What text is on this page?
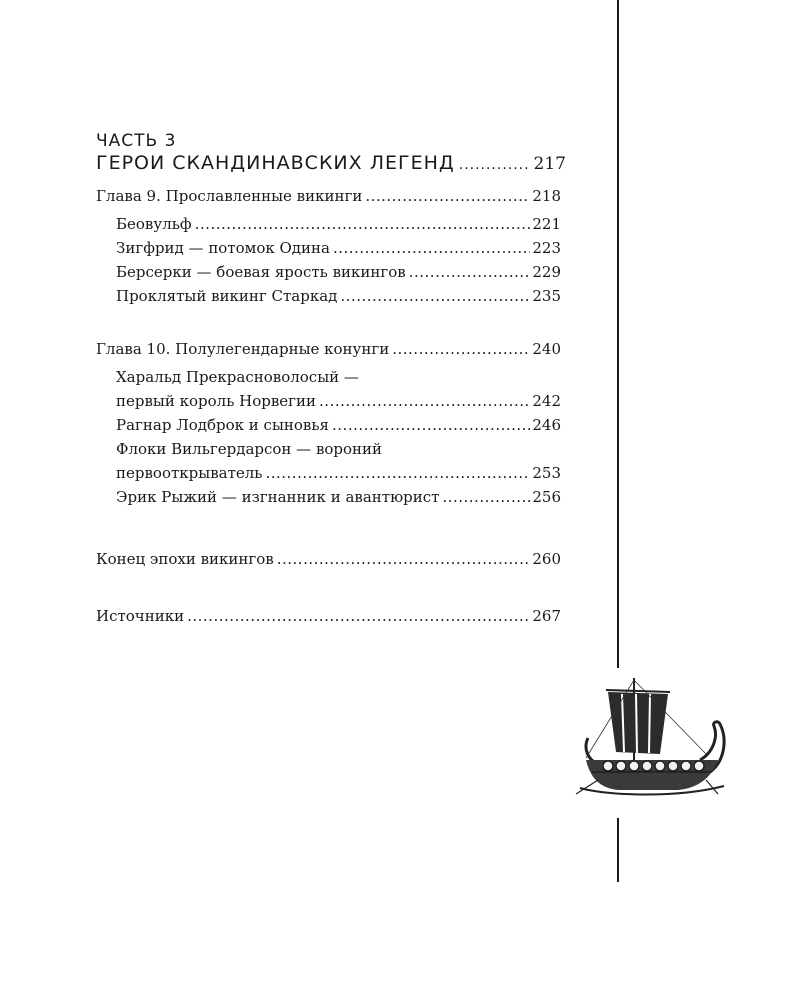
ЧАСТЬ 3
ГЕРОИ СКАНДИНАВСКИХ ЛЕГЕНД .....	217
Глава 9. Прославленные викинги .....	218
Беовульф .....	221
Зигфрид — потомок Одина .....	223
Берсерки — боевая ярость викингов .....	229
Проклятый викинг Старкад .....	235
Глава 10. Полулегендарные конунги .....	240
Харальд Прекрасноволосый —
первый король Норвегии .....	242
Рагнар Лодброк и сыновья .....	246
Флоки Вильгердарсон — вороний
первооткрыватель .....	253
Эрик Рыжий — изгнанник и авантюрист .....	256
Конец эпохи викингов .....	260
Источники .....	267
